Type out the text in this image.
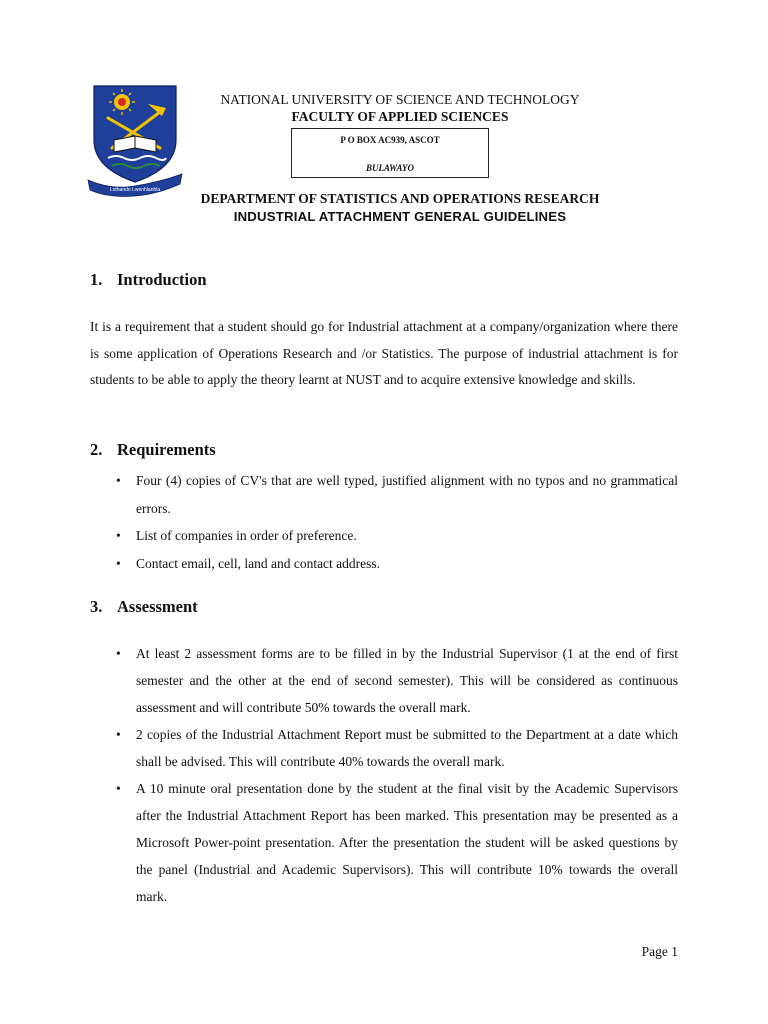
Lothando Lwenhlanhla
NATIONAL UNIVERSITY OF SCIENCE AND TECHNOLOGY
FACULTY OF APPLIED SCIENCES
P O BOX AC939, ASCOT
BULAWAYO
DEPARTMENT OF STATISTICS AND OPERATIONS RESEARCH
INDUSTRIAL ATTACHMENT GENERAL GUIDELINES
1. Introduction
It is a requirement that a student should go for Industrial attachment at a company/organization where there is some application of Operations Research and /or Statistics. The purpose of industrial attachment is for students to be able to apply the theory learnt at NUST and to acquire extensive knowledge and skills.
2. Requirements
• Four (4) copies of CV's that are well typed, justified alignment with no typos and no grammatical errors.
• List of companies in order of preference.
• Contact email, cell, land and contact address.
3. Assessment
• At least 2 assessment forms are to be filled in by the Industrial Supervisor (1 at the end of first semester and the other at the end of second semester). This will be considered as continuous assessment and will contribute 50% towards the overall mark.
• 2 copies of the Industrial Attachment Report must be submitted to the Department at a date which shall be advised. This will contribute 40% towards the overall mark.
• A 10 minute oral presentation done by the student at the final visit by the Academic Supervisors after the Industrial Attachment Report has been marked. This presentation may be presented as a Microsoft Power-point presentation. After the presentation the student will be asked questions by the panel (Industrial and Academic Supervisors). This will contribute 10% towards the overall mark.
Page 1
